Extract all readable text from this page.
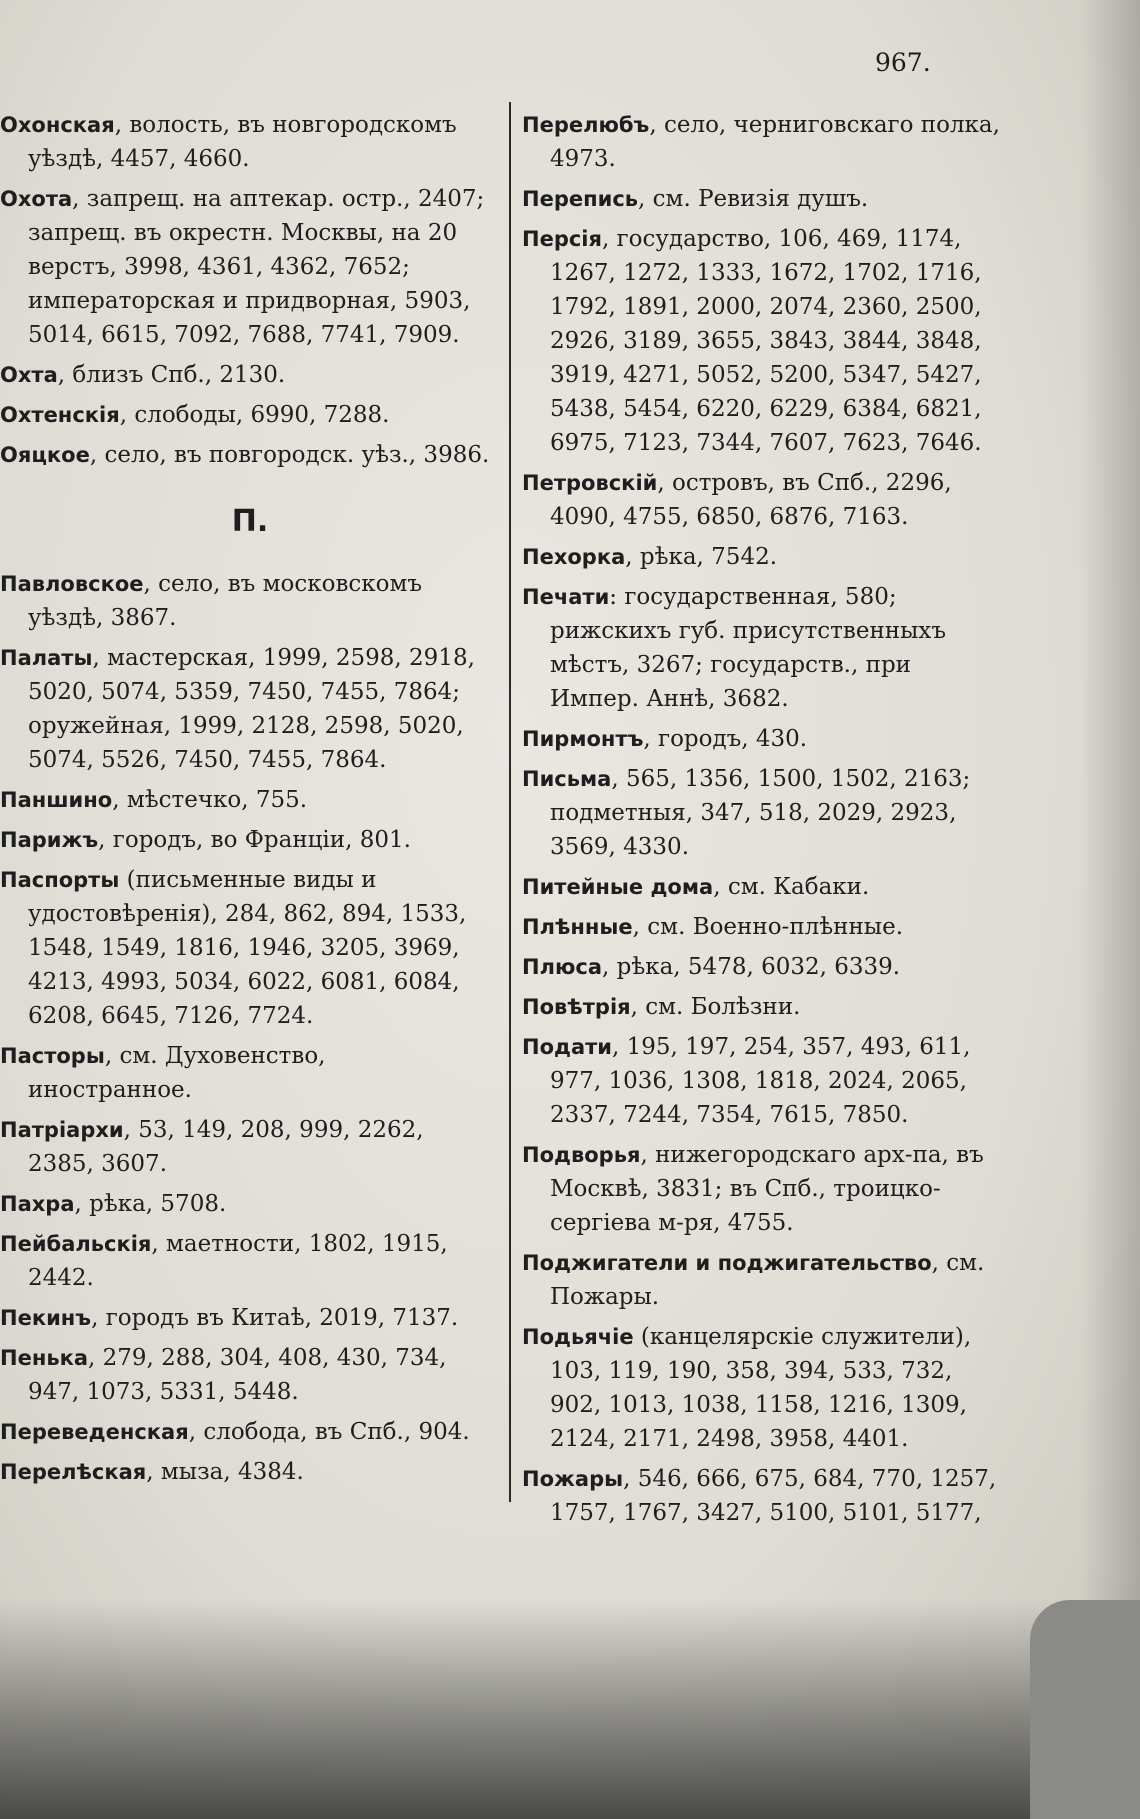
967.
Охонская, волость, въ новгородскомъ уѣздѣ, 4457, 4660.
Охота, запрещ. на аптекар. остр., 2407; запрещ. въ окрестн. Москвы, на 20 верстъ, 3998, 4361, 4362, 7652; императорская и придворная, 5903, 5014, 6615, 7092, 7688, 7741, 7909.
Охта, близъ Спб., 2130.
Охтенскія, слободы, 6990, 7288.
Ояцкое, село, въ повгородск. уѣз., 3986.
П.
Павловское, село, въ московскомъ уѣздѣ, 3867.
Палаты, мастерская, 1999, 2598, 2918, 5020, 5074, 5359, 7450, 7455, 7864; оружейная, 1999, 2128, 2598, 5020, 5074, 5526, 7450, 7455, 7864.
Паншино, мѣстечко, 755.
Парижъ, городъ, во Франціи, 801.
Паспорты (письменные виды и удостовѣренія), 284, 862, 894, 1533, 1548, 1549, 1816, 1946, 3205, 3969, 4213, 4993, 5034, 6022, 6081, 6084, 6208, 6645, 7126, 7724.
Пасторы, см. Духовенство, иностранное.
Патріархи, 53, 149, 208, 999, 2262, 2385, 3607.
Пахра, рѣка, 5708.
Пейбальскія, маетности, 1802, 1915, 2442.
Пекинъ, городъ въ Китаѣ, 2019, 7137.
Пенька, 279, 288, 304, 408, 430, 734, 947, 1073, 5331, 5448.
Переведенская, слобода, въ Спб., 904.
Перелѣская, мыза, 4384.
Перелюбъ, село, черниговскаго полка, 4973.
Перепись, см. Ревизія душъ.
Персія, государство, 106, 469, 1174, 1267, 1272, 1333, 1672, 1702, 1716, 1792, 1891, 2000, 2074, 2360, 2500, 2926, 3189, 3655, 3843, 3844, 3848, 3919, 4271, 5052, 5200, 5347, 5427, 5438, 5454, 6220, 6229, 6384, 6821, 6975, 7123, 7344, 7607, 7623, 7646.
Петровскій, островъ, въ Спб., 2296, 4090, 4755, 6850, 6876, 7163.
Пехорка, рѣка, 7542.
Печати: государственная, 580; рижскихъ губ. присутственныхъ мѣстъ, 3267; государств., при Импер. Аннѣ, 3682.
Пирмонтъ, городъ, 430.
Письма, 565, 1356, 1500, 1502, 2163; подметныя, 347, 518, 2029, 2923, 3569, 4330.
Питейные дома, см. Кабаки.
Плѣнные, см. Военно-плѣнные.
Плюса, рѣка, 5478, 6032, 6339.
Повѣтрія, см. Болѣзни.
Подати, 195, 197, 254, 357, 493, 611, 977, 1036, 1308, 1818, 2024, 2065, 2337, 7244, 7354, 7615, 7850.
Подворья, нижегородскаго арх-па, въ Москвѣ, 3831; въ Спб., троицко-сергіева м-ря, 4755.
Поджигатели и поджигательство, см. Пожары.
Подьячіе (канцелярскіе служители), 103, 119, 190, 358, 394, 533, 732, 902, 1013, 1038, 1158, 1216, 1309, 2124, 2171, 2498, 3958, 4401.
Пожары, 546, 666, 675, 684, 770, 1257, 1757, 1767, 3427, 5100, 5101, 5177,
